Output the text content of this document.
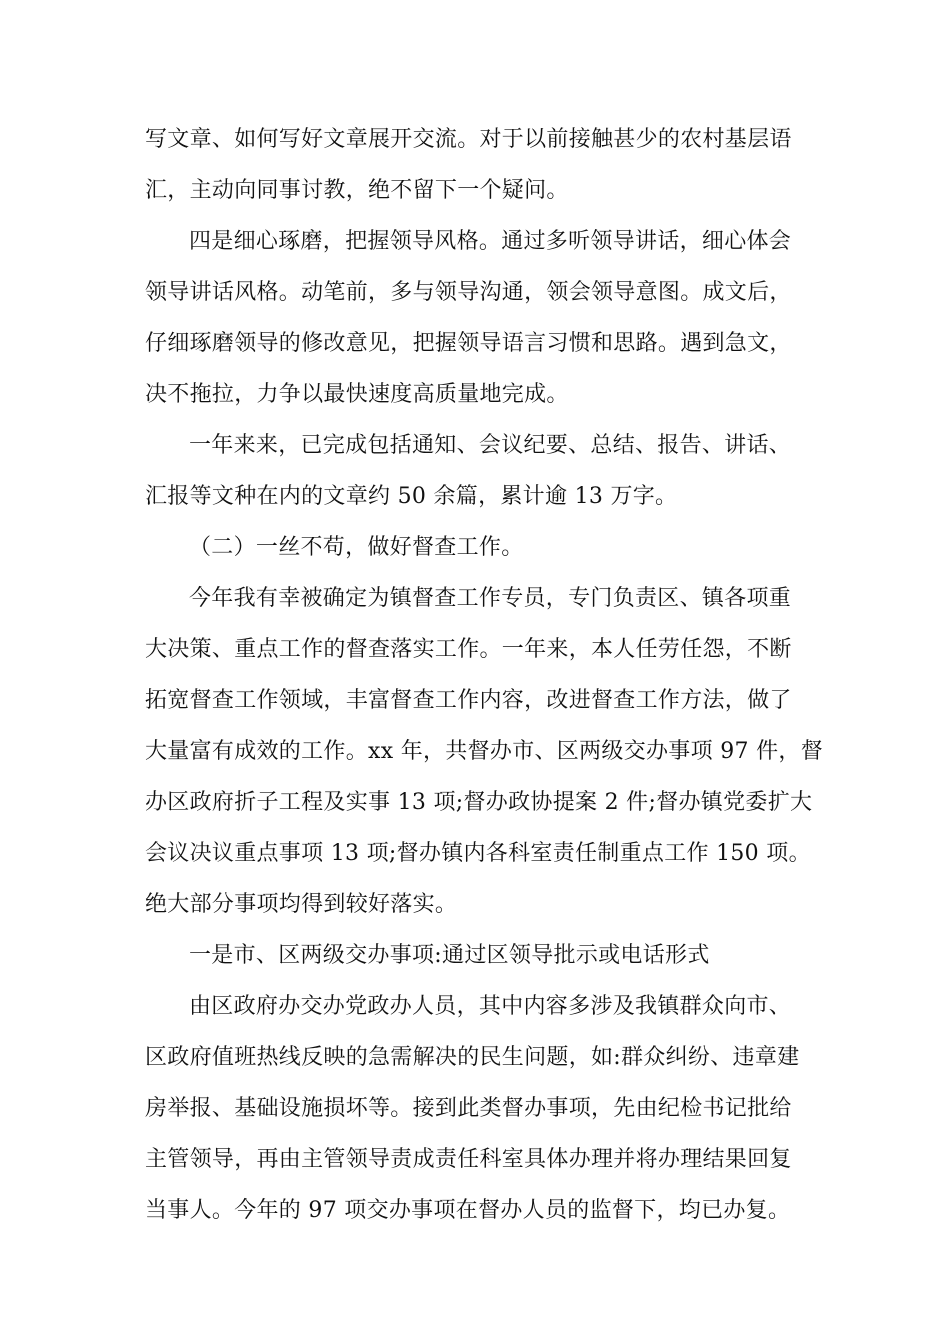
写文章、如何写好文章展开交流。对于以前接触甚少的农村基层语

汇，主动向同事讨教，绝不留下一个疑问。

四是细心琢磨，把握领导风格。通过多听领导讲话，细心体会

领导讲话风格。动笔前，多与领导沟通，领会领导意图。成文后，

仔细琢磨领导的修改意见，把握领导语言习惯和思路。遇到急文，

决不拖拉，力争以最快速度高质量地完成。

一年来来，已完成包括通知、会议纪要、总结、报告、讲话、

汇报等文种在内的文章约 50 余篇，累计逾 13 万字。

（二）一丝不苟，做好督查工作。

今年我有幸被确定为镇督查工作专员，专门负责区、镇各项重

大决策、重点工作的督查落实工作。一年来，本人任劳任怨，不断

拓宽督查工作领域，丰富督查工作内容，改进督查工作方法，做了

大量富有成效的工作。xx 年，共督办市、区两级交办事项 97 件，督

办区政府折子工程及实事 13 项;督办政协提案 2 件;督办镇党委扩大

会议决议重点事项 13 项;督办镇内各科室责任制重点工作 150 项。

绝大部分事项均得到较好落实。

一是市、区两级交办事项:通过区领导批示或电话形式

由区政府办交办党政办人员，其中内容多涉及我镇群众向市、

区政府值班热线反映的急需解决的民生问题，如:群众纠纷、违章建

房举报、基础设施损坏等。接到此类督办事项，先由纪检书记批给

主管领导，再由主管领导责成责任科室具体办理并将办理结果回复

当事人。今年的 97 项交办事项在督办人员的监督下，均已办复。
